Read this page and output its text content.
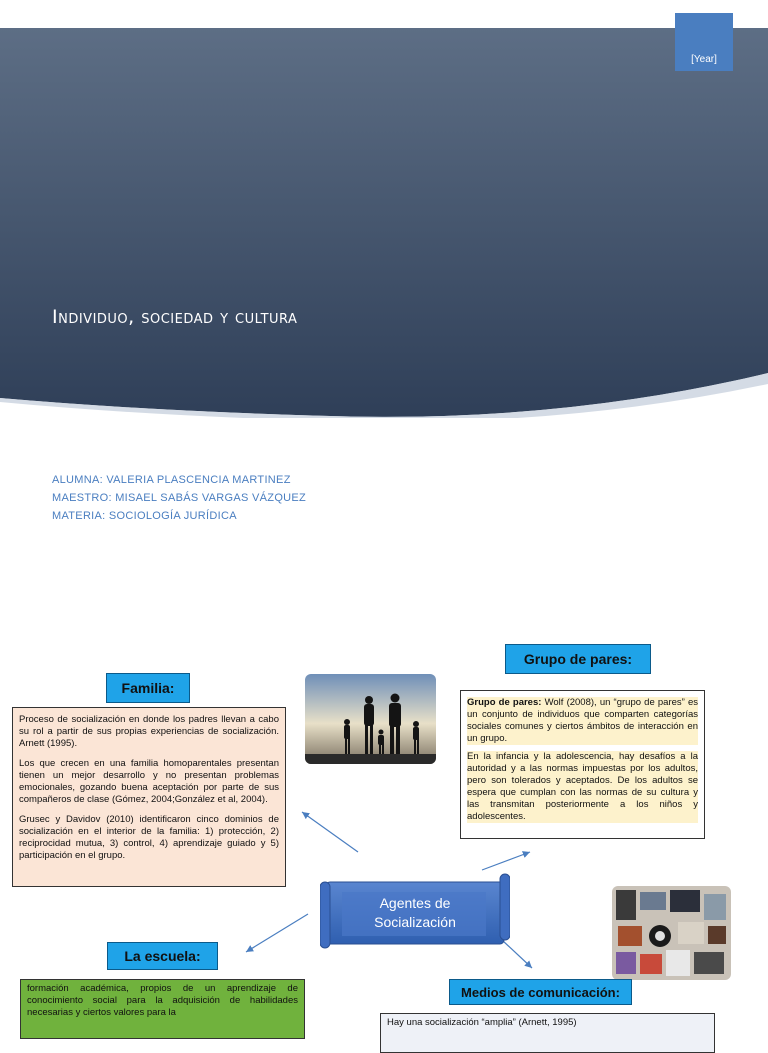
[Year]
Individuo, sociedad y cultura
ALUMNA: VALERIA PLASCENCIA MARTINEZ
MAESTRO: MISAEL SABÁS VARGAS VÁZQUEZ
MATERIA: SOCIOLOGÍA JURÍDICA
Agentes de
Socialización
Familia:

Proceso de socialización en donde los padres llevan a cabo su rol a partir de sus propias experiencias de socialización. Arnett (1995).

Los que crecen en una familia homoparentales presentan tienen un mejor desarrollo y no presentan problemas emocionales, gozando buena aceptación por parte de sus compañeros de clase (Gómez, 2004;González et al, 2004).

Grusec y Davidov (2010) identificaron cinco dominios de socialización en el interior de la familia: 1) protección, 2) reciprocidad mutua, 3) control, 4) aprendizaje guiado y 5) participación en el grupo.

Grupo de pares:

Grupo de pares: Wolf (2008), un “grupo de pares” es un conjunto de individuos que comparten categorías sociales comunes y ciertos ámbitos de interacción en un grupo.

En la infancia y la adolescencia, hay desafíos a la autoridad y a las normas impuestas por los adultos, pero son tolerados y aceptados. De los adultos se espera que cumplan con las normas de su cultura y las transmitan posteriormente a los niños y adolescentes.

La escuela:

formación académica, propios de un aprendizaje de conocimiento social para la adquisición de habilidades necesarias y ciertos valores para la

Medios de comunicación:

Hay una socialización “amplia” (Arnett, 1995)
